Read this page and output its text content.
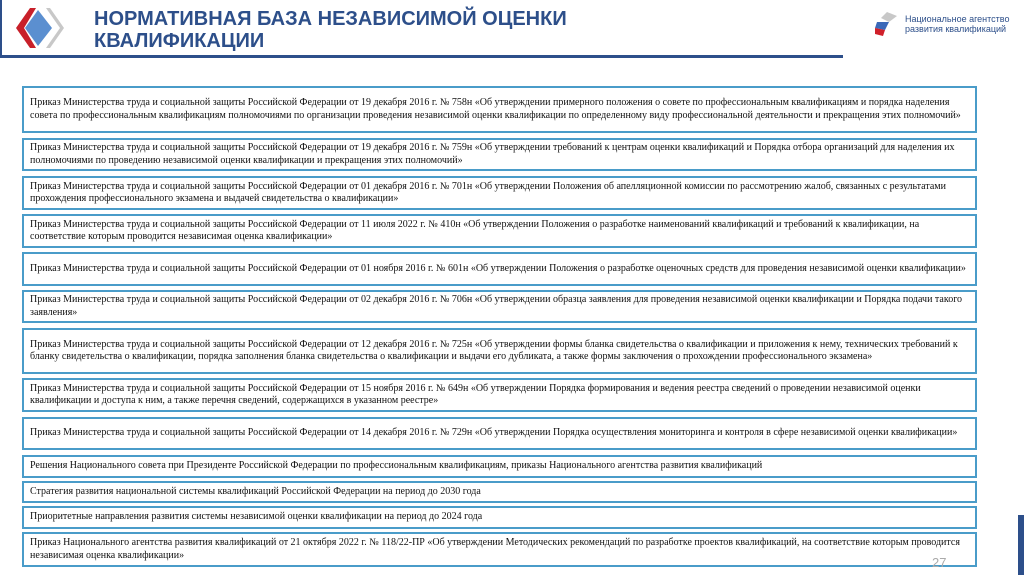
НОРМАТИВНАЯ БАЗА НЕЗАВИСИМОЙ ОЦЕНКИ КВАЛИФИКАЦИИ
Национальное агентство
развития квалификаций
Приказ Министерства труда и социальной защиты Российской Федерации от 19 декабря 2016 г. № 758н «Об утверждении примерного положения о совете по профессиональным квалификациям и порядка наделения совета по профессиональным квалификациям полномочиями по организации проведения независимой оценки квалификации по определенному виду профессиональной деятельности и прекращения этих полномочий»
Приказ Министерства труда и социальной защиты Российской Федерации от 19 декабря 2016 г. № 759н «Об утверждении требований к центрам оценки квалификаций и Порядка отбора организаций для наделения их полномочиями по проведению независимой оценки квалификации и прекращения этих полномочий»
Приказ Министерства труда и социальной защиты Российской Федерации от 01 декабря 2016 г. № 701н «Об утверждении Положения об апелляционной комиссии по рассмотрению жалоб, связанных с результатами прохождения профессионального экзамена и выдачей свидетельства о квалификации»
Приказ Министерства труда и социальной защиты Российской Федерации от 11 июля 2022 г. № 410н «Об утверждении Положения о разработке наименований квалификаций и требований к квалификации, на соответствие которым проводится независимая оценка квалификации»
Приказ Министерства труда и социальной защиты Российской Федерации от 01 ноября 2016 г. № 601н «Об утверждении Положения о разработке оценочных средств для проведения независимой оценки квалификации»
Приказ Министерства труда и социальной защиты Российской Федерации от 02 декабря 2016 г. № 706н «Об утверждении образца заявления для проведения независимой оценки квалификации и Порядка подачи такого заявления»
Приказ Министерства труда и социальной защиты Российской Федерации от 12 декабря 2016 г. № 725н «Об утверждении формы бланка свидетельства о квалификации и приложения к нему, технических требований к бланку свидетельства о квалификации, порядка заполнения бланка свидетельства о квалификации и выдачи его дубликата, а также формы заключения о прохождении профессионального экзамена»
Приказ Министерства труда и социальной защиты Российской Федерации от 15 ноября 2016 г. № 649н «Об утверждении Порядка формирования и ведения реестра сведений о проведении независимой оценки квалификации и доступа к ним, а также перечня сведений, содержащихся в указанном реестре»
Приказ Министерства труда и социальной защиты Российской Федерации от 14 декабря 2016 г. № 729н «Об утверждении Порядка осуществления мониторинга и контроля в сфере независимой оценки квалификации»
Решения Национального совета при Президенте Российской Федерации по профессиональным квалификациям, приказы Национального агентства развития квалификаций
Стратегия развития национальной системы квалификаций Российской Федерации на период до 2030 года
Приоритетные направления развития системы независимой оценки квалификации на период до 2024 года
Приказ Национального агентства развития квалификаций от 21 октября 2022 г. № 118/22-ПР «Об утверждении Методических рекомендаций по разработке проектов квалификаций, на соответствие которым проводится независимая оценка квалификации»	27
